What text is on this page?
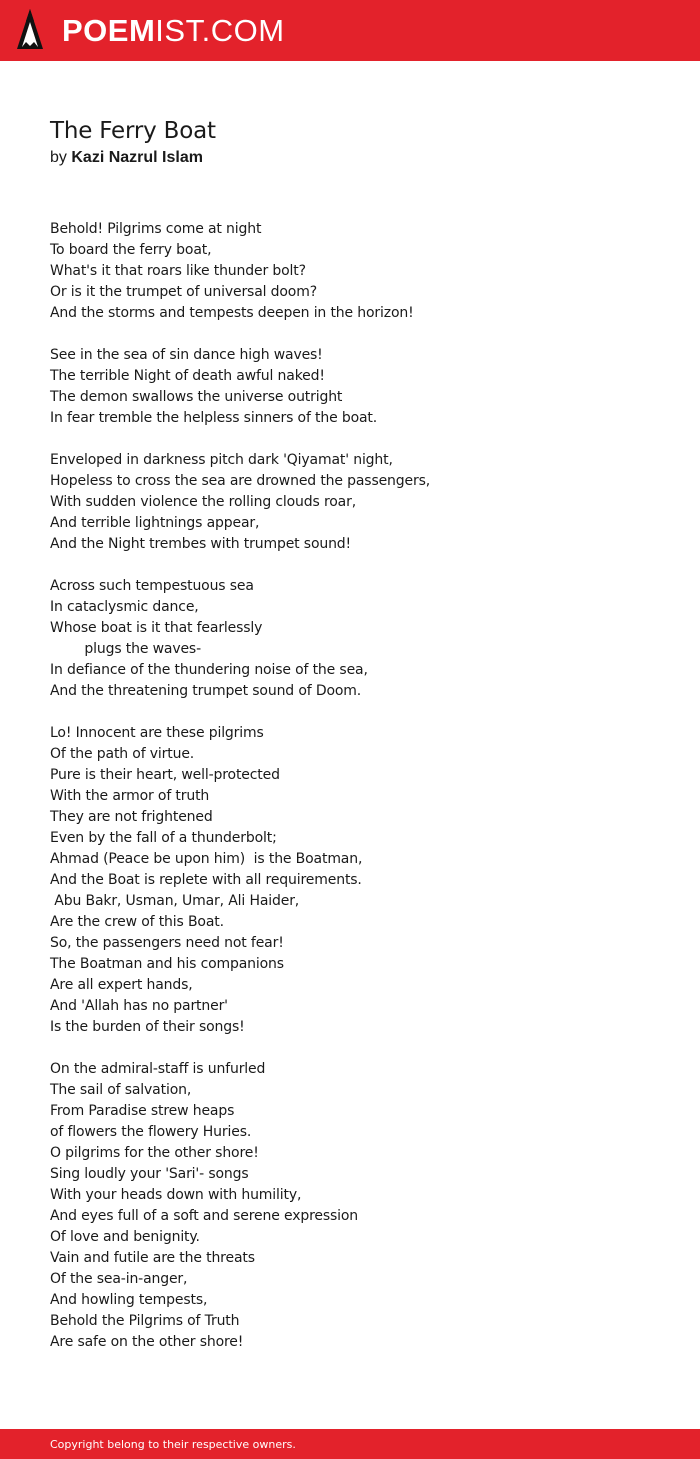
POEM IST.COM
The Ferry Boat
by Kazi Nazrul Islam
Behold! Pilgrims come at night
To board the ferry boat,
What's it that roars like thunder bolt?
Or is it the trumpet of universal doom?
And the storms and tempests deepen in the horizon!
See in the sea of sin dance high waves!
The terrible Night of death awful naked!
The demon swallows the universe outright
In fear tremble the helpless sinners of the boat.
Enveloped in darkness pitch dark 'Qiyamat' night,
Hopeless to cross the sea are drowned the passengers,
With sudden violence the rolling clouds roar,
And terrible lightnings appear,
And the Night trembes with trumpet sound!
Across such tempestuous sea
In cataclysmic dance,
Whose boat is it that fearlessly
plugs the waves-
In defiance of the thundering noise of the sea,
And the threatening trumpet sound of Doom.
Lo! Innocent are these pilgrims
Of the path of virtue.
Pure is their heart, well-protected
With the armor of truth
They are not frightened
Even by the fall of a thunderbolt;
Ahmad (Peace be upon him)  is the Boatman,
And the Boat is replete with all requirements.
Abu Bakr, Usman, Umar, Ali Haider,
Are the crew of this Boat.
So, the passengers need not fear!
The Boatman and his companions
Are all expert hands,
And 'Allah has no partner'
Is the burden of their songs!
On the admiral-staff is unfurled
The sail of salvation,
From Paradise strew heaps
of flowers the flowery Huries.
O pilgrims for the other shore!
Sing loudly your 'Sari'- songs
With your heads down with humility,
And eyes full of a soft and serene expression
Of love and benignity.
Vain and futile are the threats
Of the sea-in-anger,
And howling tempests,
Behold the Pilgrims of Truth
Are safe on the other shore!
Copyright belong to their respective owners.
